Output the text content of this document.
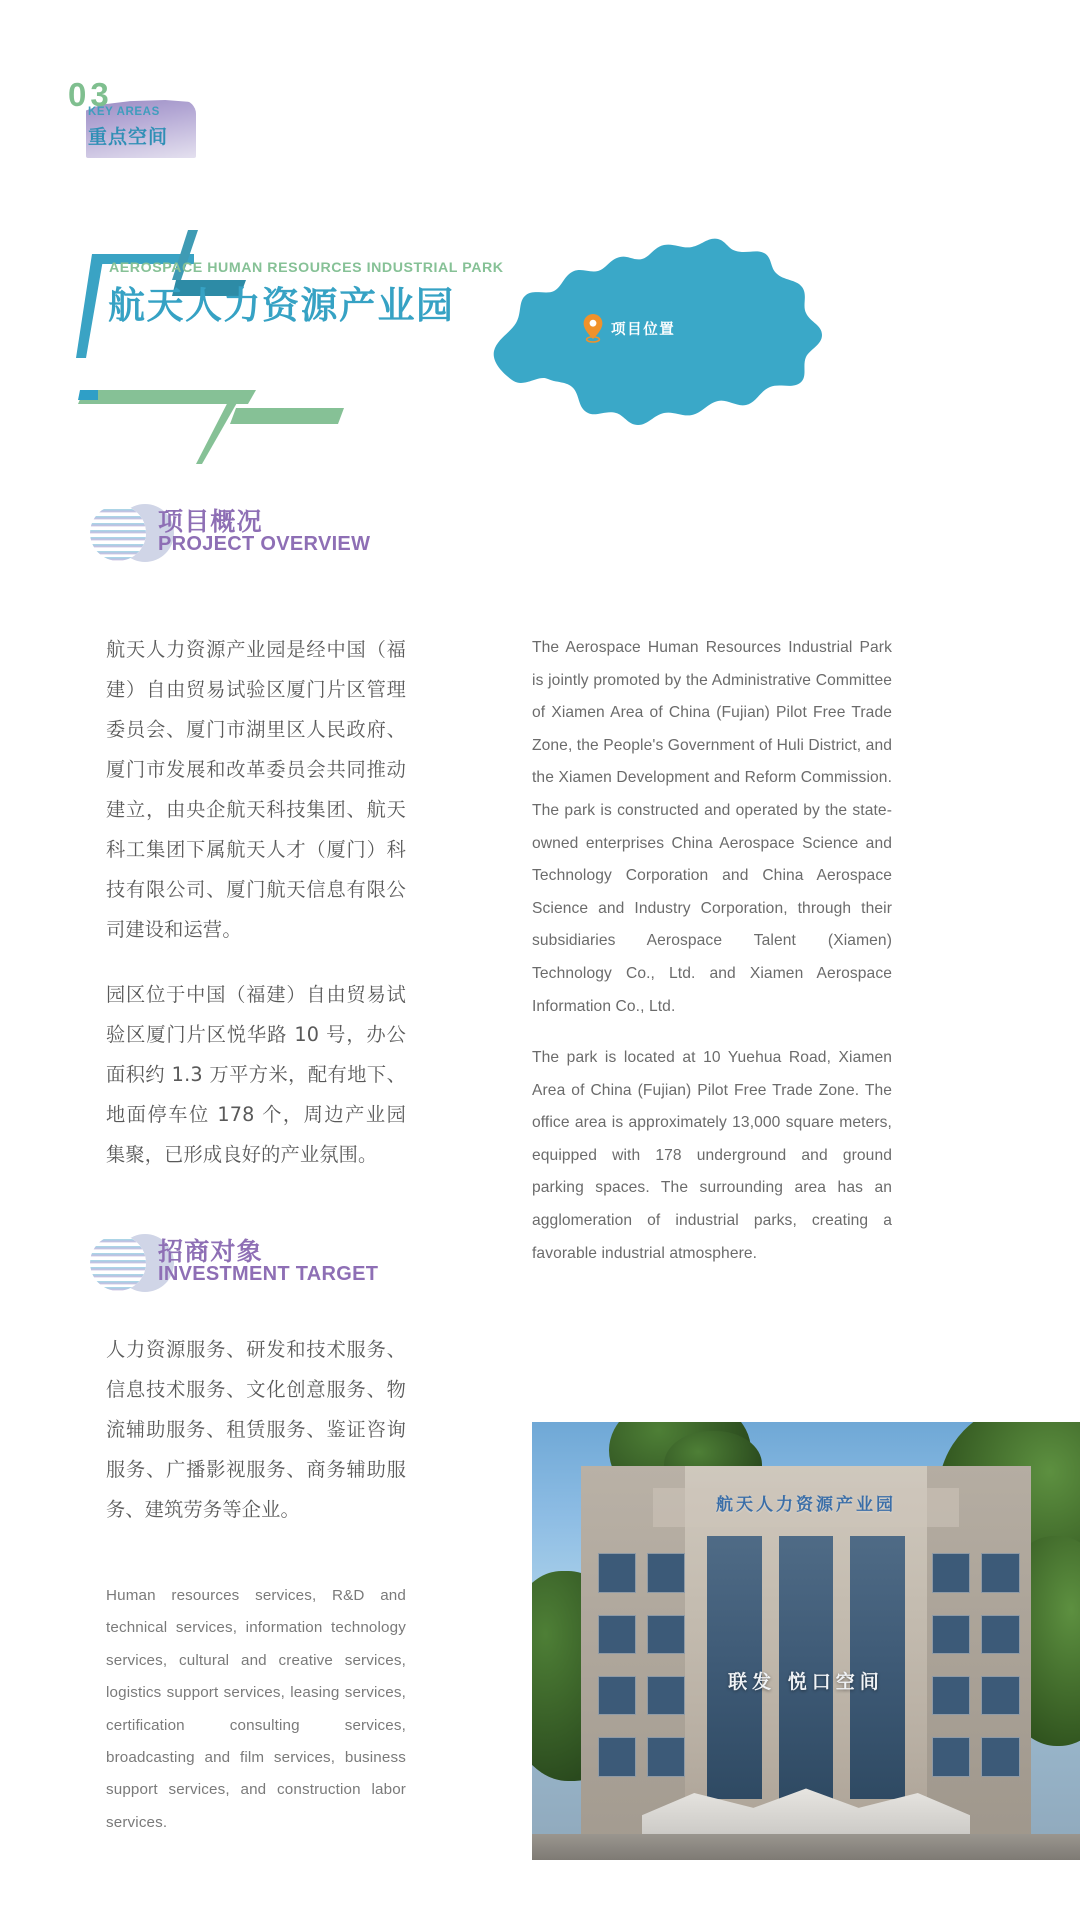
03
KEY AREAS
重点空间
AEROSPACE HUMAN RESOURCES INDUSTRIAL PARK
航天人力资源产业园
项目位置
项目概况
PROJECT OVERVIEW
招商对象
INVESTMENT TARGET
航天人力资源产业园是经中国（福建）自由贸易试验区厦门片区管理委员会、厦门市湖里区人民政府、厦门市发展和改革委员会共同推动建立，由央企航天科技集团、航天科工集团下属航天人才（厦门）科技有限公司、厦门航天信息有限公司建设和运营。
园区位于中国（福建）自由贸易试验区厦门片区悦华路 10 号，办公面积约 1.3 万平方米，配有地下、地面停车位 178 个，周边产业园集聚，已形成良好的产业氛围。
The Aerospace Human Resources Industrial Park is jointly promoted by the Administrative Committee of Xiamen Area of China (Fujian) Pilot Free Trade Zone, the People's Government of Huli District, and the Xiamen Development and Reform Commission. The park is constructed and operated by the state-owned enterprises China Aerospace Science and Technology Corporation and China Aerospace Science and Industry Corporation, through their subsidiaries Aerospace Talent (Xiamen) Technology Co., Ltd. and Xiamen Aerospace Information Co., Ltd.
The park is located at 10 Yuehua Road, Xiamen Area of China (Fujian) Pilot Free Trade Zone. The office area is approximately 13,000 square meters, equipped with 178 underground and ground parking spaces. The surrounding area has an agglomeration of industrial parks, creating a favorable industrial atmosphere.
人力资源服务、研发和技术服务、信息技术服务、文化创意服务、物流辅助服务、租赁服务、鉴证咨询服务、广播影视服务、商务辅助服务、建筑劳务等企业。
Human resources services, R&D and technical services, information technology services, cultural and creative services, logistics support services, leasing services, certification consulting services, broadcasting and film services, business support services, and construction labor services.
航天人力资源产业园
联发 悦口空间
